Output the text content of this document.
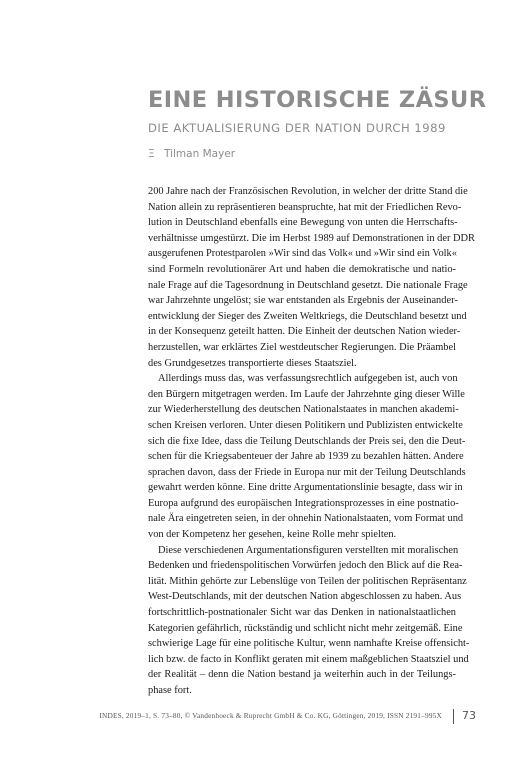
EINE HISTORISCHE ZÄSUR
DIE AKTUALISIERUNG DER NATION DURCH 1989
Ξ Tilman Mayer

200 Jahre nach der Französischen Revolution, in welcher der dritte Stand die
Nation allein zu repräsentieren beanspruchte, hat mit der Friedlichen Revo-
lution in Deutschland ebenfalls eine Bewegung von unten die Herrschafts-
verhältnisse umgestürzt. Die im Herbst 1989 auf Demonstrationen in der DDR
ausgerufenen Protestparolen »Wir sind das Volk« und »Wir sind ein Volk«
sind Formeln revolutionärer Art und haben die demokratische und natio-
nale Frage auf die Tagesordnung in Deutschland gesetzt. Die nationale Frage
war Jahrzehnte ungelöst; sie war entstanden als Ergebnis der Auseinander-
entwicklung der Sieger des Zweiten Weltkriegs, die Deutschland besetzt und
in der Konsequenz geteilt hatten. Die Einheit der deutschen Nation wieder-
herzustellen, war erklärtes Ziel westdeutscher Regierungen. Die Präambel
des Grundgesetzes transportierte dieses Staatsziel.

Allerdings muss das, was verfassungsrechtlich aufgegeben ist, auch von
den Bürgern mitgetragen werden. Im Laufe der Jahrzehnte ging dieser Wille
zur Wiederherstellung des deutschen Nationalstaates in manchen akademi-
schen Kreisen verloren. Unter diesen Politikern und Publizisten entwickelte
sich die fixe Idee, dass die Teilung Deutschlands der Preis sei, den die Deut-
schen für die Kriegsabenteuer der Jahre ab 1939 zu bezahlen hätten. Andere
sprachen davon, dass der Friede in Europa nur mit der Teilung Deutschlands
gewahrt werden könne. Eine dritte Argumentationslinie besagte, dass wir in
Europa aufgrund des europäischen Integrationsprozesses in eine postnatio-
nale Ära eingetreten seien, in der ohnehin Nationalstaaten, vom Format und
von der Kompetenz her gesehen, keine Rolle mehr spielten.

Diese verschiedenen Argumentationsfiguren verstellten mit moralischen
Bedenken und friedenspolitischen Vorwürfen jedoch den Blick auf die Rea-
lität. Mithin gehörte zur Lebenslüge von Teilen der politischen Repräsentanz
West-Deutschlands, mit der deutschen Nation abgeschlossen zu haben. Aus
fortschrittlich-postnationaler Sicht war das Denken in nationalstaatlichen
Kategorien gefährlich, rückständig und schlicht nicht mehr zeitgemäß. Eine
schwierige Lage für eine politische Kultur, wenn namhafte Kreise offensicht-
lich bzw. de facto in Konflikt geraten mit einem maßgeblichen Staatsziel und
der Realität – denn die Nation bestand ja weiterhin auch in der Teilungs-
phase fort.

INDES, 2019–1, S. 73–80, © Vandenhoeck & Ruprecht GmbH & Co. KG, Göttingen, 2019, ISSN 2191–995X 73
